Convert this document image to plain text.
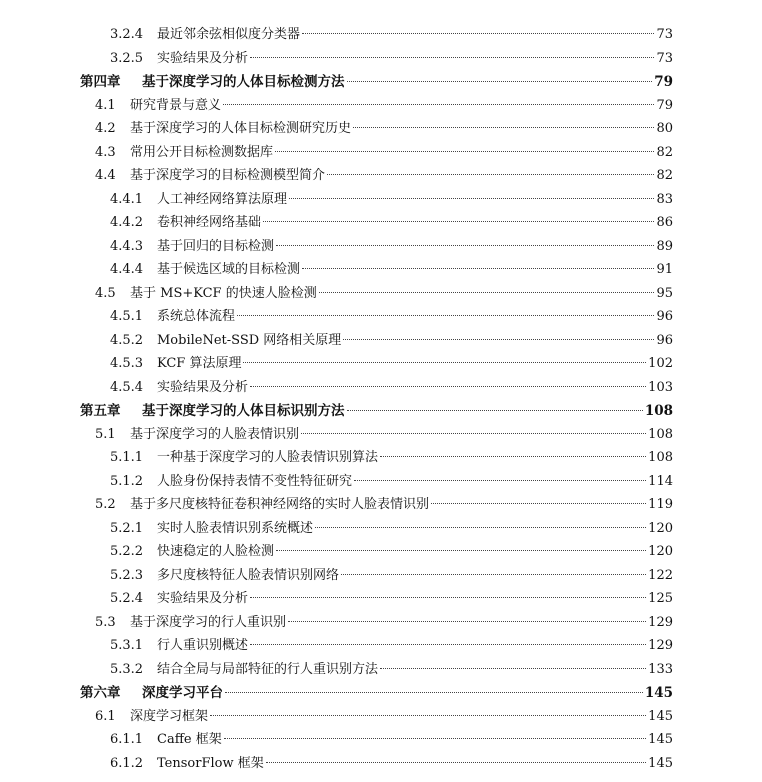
3.2.4	最近邻余弦相似度分类器	73
3.2.5	实验结果及分析	73
第四章	基于深度学习的人体目标检测方法	79
4.1	研究背景与意义	79
4.2	基于深度学习的人体目标检测研究历史	80
4.3	常用公开目标检测数据库	82
4.4	基于深度学习的目标检测模型简介	82
4.4.1	人工神经网络算法原理	83
4.4.2	卷积神经网络基础	86
4.4.3	基于回归的目标检测	89
4.4.4	基于候选区域的目标检测	91
4.5	基于 MS+KCF 的快速人脸检测	95
4.5.1	系统总体流程	96
4.5.2	MobileNet-SSD 网络相关原理	96
4.5.3	KCF 算法原理	102
4.5.4	实验结果及分析	103
第五章	基于深度学习的人体目标识别方法	108
5.1	基于深度学习的人脸表情识别	108
5.1.1	一种基于深度学习的人脸表情识别算法	108
5.1.2	人脸身份保持表情不变性特征研究	114
5.2	基于多尺度核特征卷积神经网络的实时人脸表情识别	119
5.2.1	实时人脸表情识别系统概述	120
5.2.2	快速稳定的人脸检测	120
5.2.3	多尺度核特征人脸表情识别网络	122
5.2.4	实验结果及分析	125
5.3	基于深度学习的行人重识别	129
5.3.1	行人重识别概述	129
5.3.2	结合全局与局部特征的行人重识别方法	133
第六章	深度学习平台	145
6.1	深度学习框架	145
6.1.1	Caffe 框架	145
6.1.2	TensorFlow 框架	145
